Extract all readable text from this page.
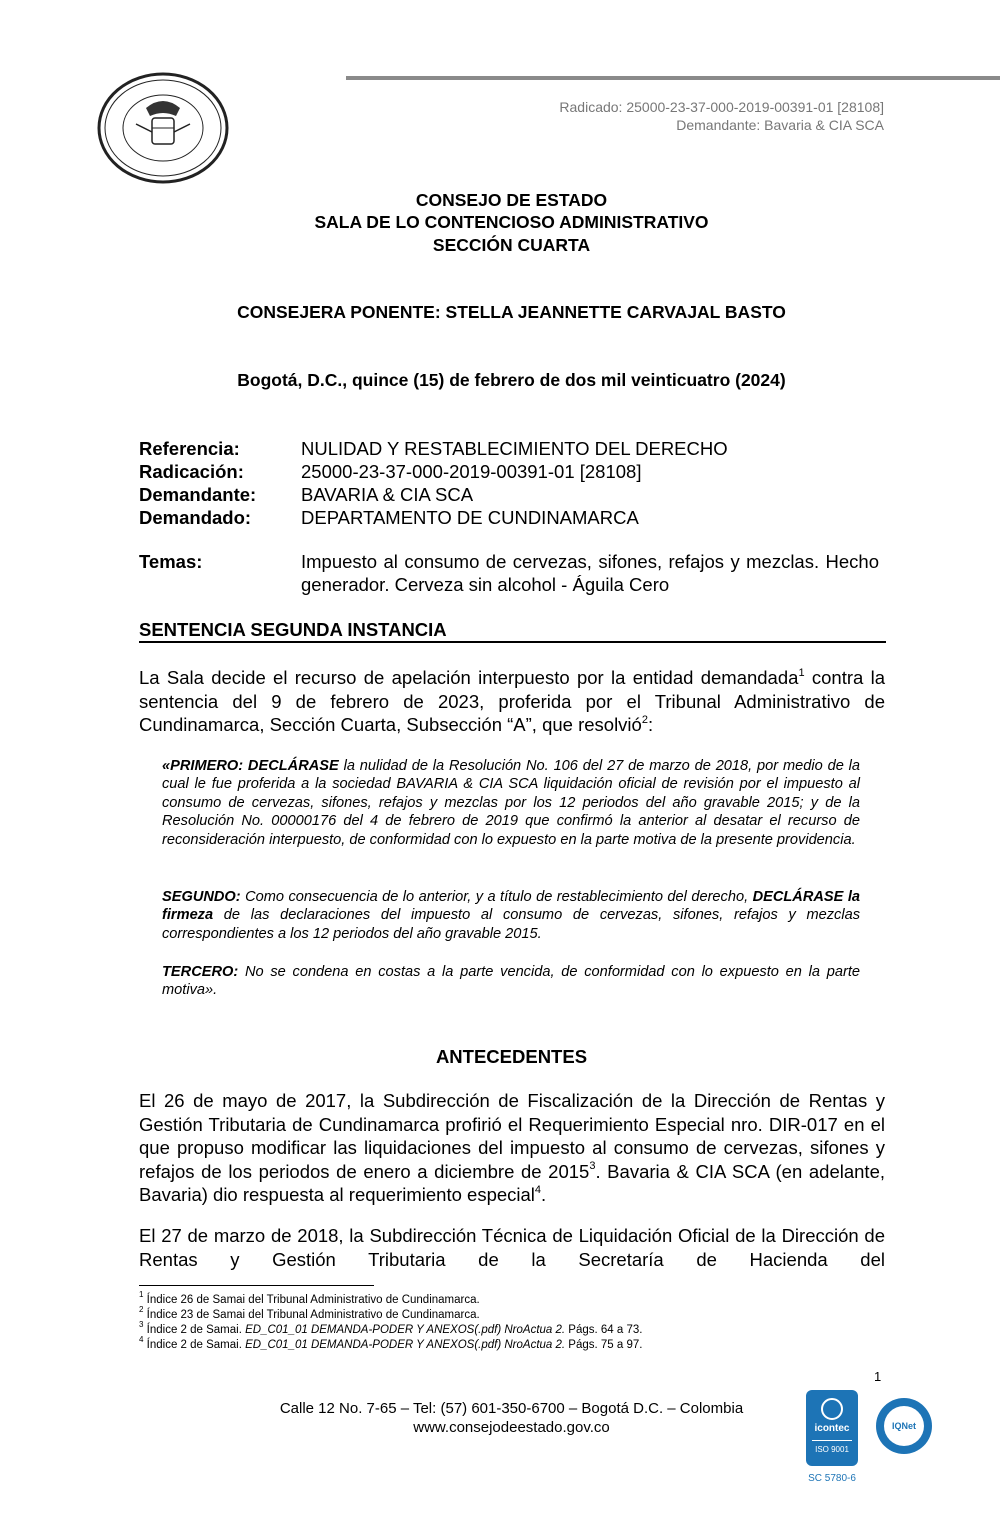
Radicado: 25000-23-37-000-2019-00391-01 [28108]
Demandante: Bavaria & CIA SCA
CONSEJO DE ESTADO
SALA DE LO CONTENCIOSO ADMINISTRATIVO
SECCIÓN CUARTA
CONSEJERA PONENTE: STELLA JEANNETTE CARVAJAL BASTO
Bogotá, D.C., quince (15) de febrero de dos mil veinticuatro (2024)
Referencia:	NULIDAD Y RESTABLECIMIENTO DEL DERECHO
Radicación:	25000-23-37-000-2019-00391-01 [28108]
Demandante: BAVARIA & CIA SCA
Demandado:	DEPARTAMENTO DE CUNDINAMARCA
Temas:	Impuesto al consumo de cervezas, sifones, refajos y mezclas. Hecho generador. Cerveza sin alcohol - Águila Cero
SENTENCIA SEGUNDA INSTANCIA
La Sala decide el recurso de apelación interpuesto por la entidad demandada$^1$ contra la sentencia del 9 de febrero de 2023, proferida por el Tribunal Administrativo de Cundinamarca, Sección Cuarta, Subsección “A”, que resolvió$^2$:
«PRIMERO: DECLÁRASE la nulidad de la Resolución No. 106 del 27 de marzo de 2018, por medio de la cual le fue proferida a la sociedad BAVARIA & CIA SCA liquidación oficial de revisión por el impuesto al consumo de cervezas, sifones, refajos y mezclas por los 12 periodos del año gravable 2015; y de la Resolución No. 00000176 del 4 de febrero de 2019 que confirmó la anterior al desatar el recurso de reconsideración interpuesto, de conformidad con lo expuesto en la parte motiva de la presente providencia.
SEGUNDO: Como consecuencia de lo anterior, y a título de restablecimiento del derecho, DECLÁRASE la firmeza de las declaraciones del impuesto al consumo de cervezas, sifones, refajos y mezclas correspondientes a los 12 periodos del año gravable 2015.
TERCERO: No se condena en costas a la parte vencida, de conformidad con lo expuesto en la parte motiva».
ANTECEDENTES
El 26 de mayo de 2017, la Subdirección de Fiscalización de la Dirección de Rentas y Gestión Tributaria de Cundinamarca profirió el Requerimiento Especial nro. DIR-017 en el que propuso modificar las liquidaciones del impuesto al consumo de cervezas, sifones y refajos de los periodos de enero a diciembre de 2015$^3$. Bavaria & CIA SCA (en adelante, Bavaria) dio respuesta al requerimiento especial$^4$.
El 27 de marzo de 2018, la Subdirección Técnica de Liquidación Oficial de la Dirección de Rentas y Gestión Tributaria de la Secretaría de Hacienda del
$^1$ Índice 26 de Samai del Tribunal Administrativo de Cundinamarca.
$^2$ Índice 23 de Samai del Tribunal Administrativo de Cundinamarca.
$^3$ Índice 2 de Samai. ED_C01_01 DEMANDA-PODER Y ANEXOS(.pdf) NroActua 2. Págs. 64 a 73.
$^4$ Índice 2 de Samai. ED_C01_01 DEMANDA-PODER Y ANEXOS(.pdf) NroActua 2. Págs. 75 a 97.
1
Calle 12 No. 7-65 – Tel: (57) 601-350-6700 – Bogotá D.C. – Colombia
www.consejodeestado.gov.co	icontec
ISO 9001
SC 5780-6
IQNet
